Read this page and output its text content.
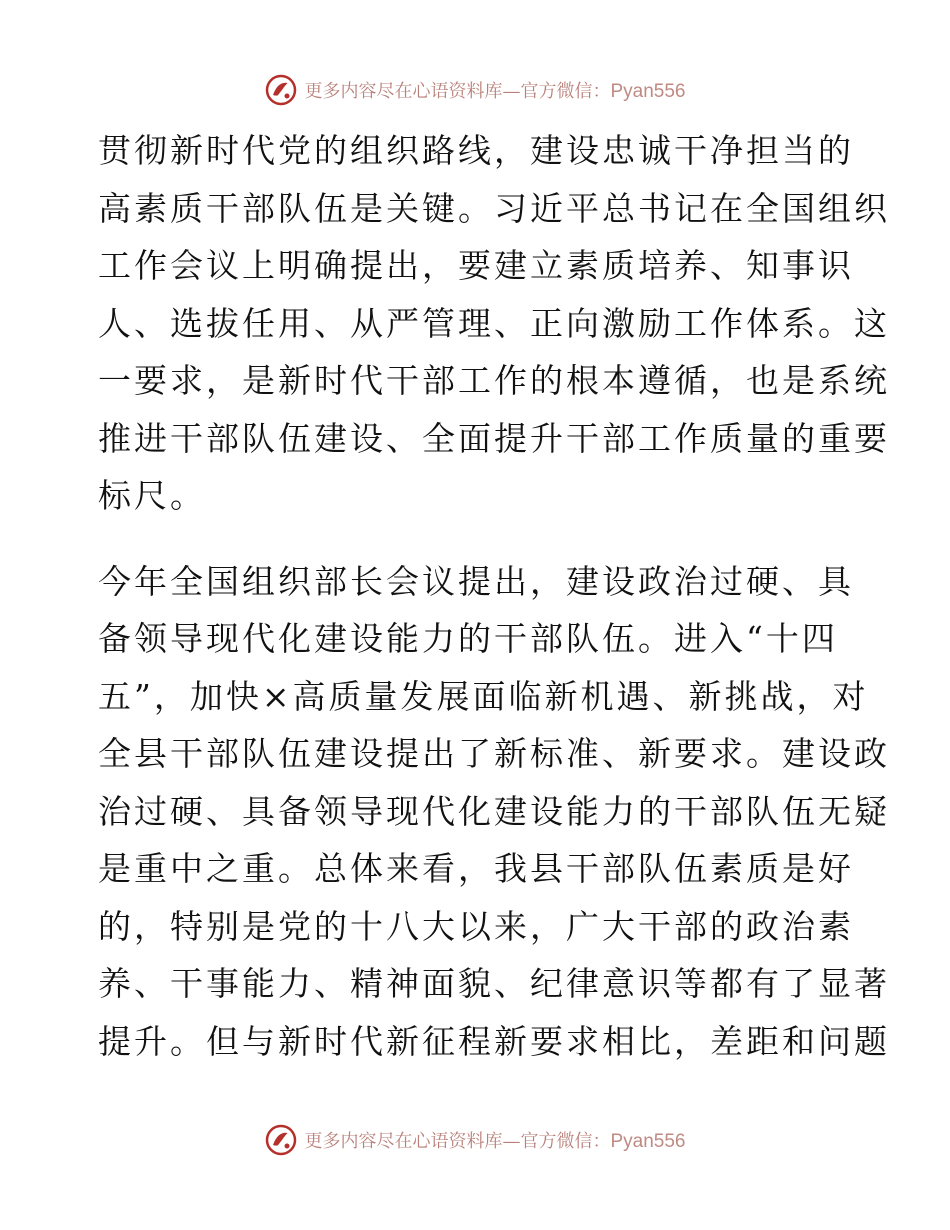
更多内容尽在心语资料库—官方微信：Pyan556
贯彻新时代党的组织路线，建设忠诚干净担当的
高素质干部队伍是关键。习近平总书记在全国组织
工作会议上明确提出，要建立素质培养、知事识
人、选拔任用、从严管理、正向激励工作体系。这
一要求，是新时代干部工作的根本遵循，也是系统
推进干部队伍建设、全面提升干部工作质量的重要
标尺。
今年全国组织部长会议提出，建设政治过硬、具
备领导现代化建设能力的干部队伍。进入“十四
五”，加快×高质量发展面临新机遇、新挑战，对
全县干部队伍建设提出了新标准、新要求。建设政
治过硬、具备领导现代化建设能力的干部队伍无疑
是重中之重。总体来看，我县干部队伍素质是好
的，特别是党的十八大以来，广大干部的政治素
养、干事能力、精神面貌、纪律意识等都有了显著
提升。但与新时代新征程新要求相比，差距和问题
更多内容尽在心语资料库—官方微信：Pyan556
